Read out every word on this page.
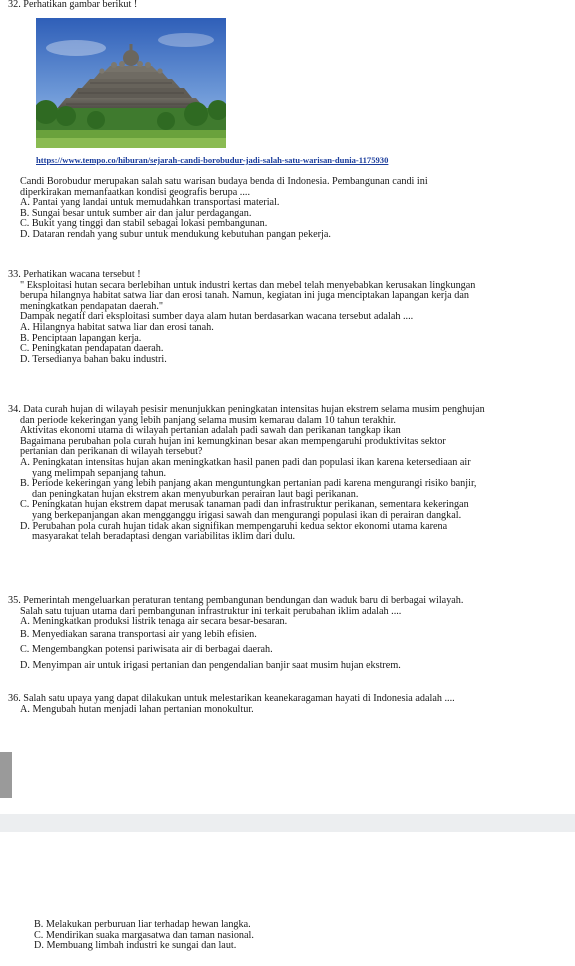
32. Perhatikan gambar berikut !
https://www.tempo.co/hiburan/sejarah-candi-borobudur-jadi-salah-satu-warisan-dunia-1175930
Candi Borobudur merupakan salah satu warisan budaya benda di Indonesia. Pembangunan candi ini
diperkirakan memanfaatkan kondisi geografis berupa ....
A. Pantai yang landai untuk memudahkan transportasi material.
B. Sungai besar untuk sumber air dan jalur perdagangan.
C. Bukit yang tinggi dan stabil sebagai lokasi pembangunan.
D. Dataran rendah yang subur untuk mendukung kebutuhan pangan pekerja.
33. Perhatikan wacana tersebut !
" Eksploitasi hutan secara berlebihan untuk industri kertas dan mebel telah menyebabkan kerusakan lingkungan
berupa hilangnya habitat satwa liar dan erosi tanah. Namun, kegiatan ini juga menciptakan lapangan kerja dan
meningkatkan pendapatan daerah."
Dampak negatif dari eksploitasi sumber daya alam hutan berdasarkan wacana tersebut adalah ....
A. Hilangnya habitat satwa liar dan erosi tanah.
B. Penciptaan lapangan kerja.
C. Peningkatan pendapatan daerah.
D. Tersedianya bahan baku industri.
34. Data curah hujan di wilayah pesisir menunjukkan peningkatan intensitas hujan ekstrem selama musim penghujan
dan periode kekeringan yang lebih panjang selama musim kemarau dalam 10 tahun terakhir.
Aktivitas ekonomi utama di wilayah pertanian adalah padi sawah dan perikanan tangkap ikan
Bagaimana perubahan pola curah hujan ini kemungkinan besar akan mempengaruhi produktivitas sektor
pertanian dan perikanan di wilayah tersebut?
A. Peningkatan intensitas hujan akan meningkatkan hasil panen padi dan populasi ikan karena ketersediaan air
yang melimpah sepanjang tahun.
B. Periode kekeringan yang lebih panjang akan menguntungkan pertanian padi karena mengurangi risiko banjir,
dan peningkatan hujan ekstrem akan menyuburkan perairan laut bagi perikanan.
C. Peningkatan hujan ekstrem dapat merusak tanaman padi dan infrastruktur perikanan, sementara kekeringan
yang berkepanjangan akan mengganggu irigasi sawah dan mengurangi populasi ikan di perairan dangkal.
D. Perubahan pola curah hujan tidak akan signifikan mempengaruhi kedua sektor ekonomi utama karena
masyarakat telah beradaptasi dengan variabilitas iklim dari dulu.
35. Pemerintah mengeluarkan peraturan tentang pembangunan bendungan dan waduk baru di berbagai wilayah.
Salah satu tujuan utama dari pembangunan infrastruktur ini terkait perubahan iklim adalah ....
A. Meningkatkan produksi listrik tenaga air secara besar-besaran.
B. Menyediakan sarana transportasi air yang lebih efisien.
C. Mengembangkan potensi pariwisata air di berbagai daerah.
D. Menyimpan air untuk irigasi pertanian dan pengendalian banjir saat musim hujan ekstrem.
36. Salah satu upaya yang dapat dilakukan untuk melestarikan keanekaragaman hayati di Indonesia adalah ....
A. Mengubah hutan menjadi lahan pertanian monokultur.
B. Melakukan perburuan liar terhadap hewan langka.
C. Mendirikan suaka margasatwa dan taman nasional.
D. Membuang limbah industri ke sungai dan laut.
